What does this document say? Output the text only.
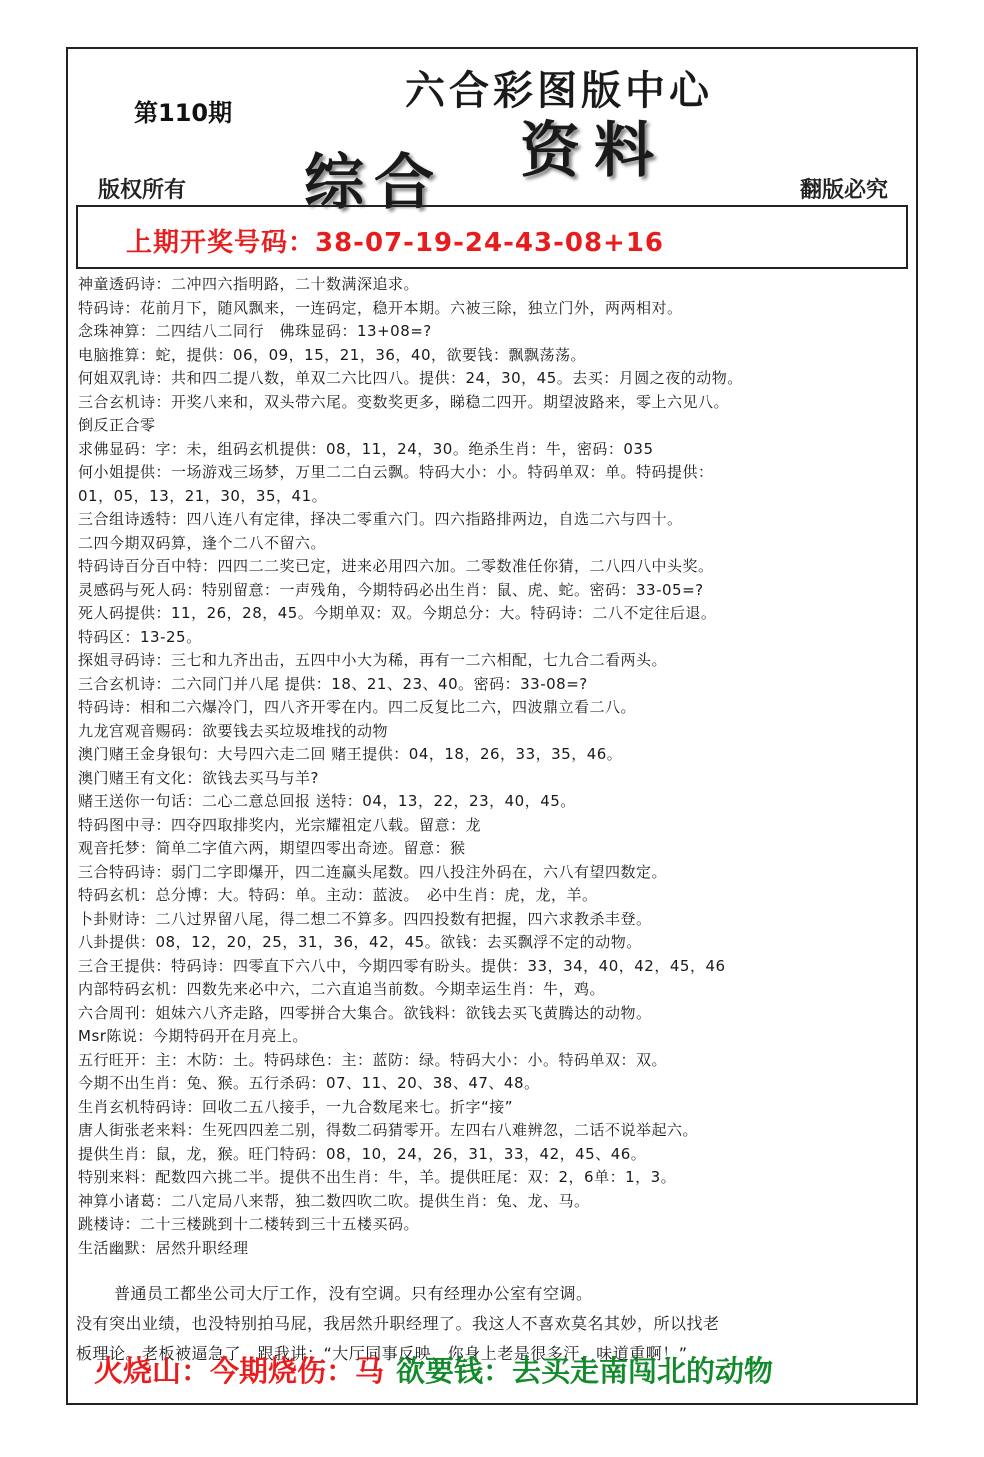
六合彩图版中心
第110期
资料
综合
版权所有	翻版必究
上期开奖号码：38-07-19-24-43-08+16
神童透码诗：二冲四六指明路，二十数满深追求。
特码诗：花前月下，随风飘来，一连码定，稳开本期。六被三除，独立门外，两两相对。
念珠神算：二四结八二同行　佛珠显码：13+08=?
电脑推算：蛇，提供：06，09，15，21，36，40，欲要钱：飘飘荡荡。
何姐双乳诗：共和四二提八数，单双二六比四八。提供：24，30，45。去买：月圆之夜的动物。
三合玄机诗：开奖八来和，双头带六尾。变数奖更多，睇稳二四开。期望波路来，零上六见八。
倒反正合零
求佛显码：字：未，组码玄机提供：08，11，24，30。绝杀生肖：牛，密码：035
何小姐提供：一场游戏三场梦，万里二二白云飘。特码大小：小。特码单双：单。特码提供：
01，05，13，21，30，35，41。
三合组诗透特：四八连八有定律，择决二零重六门。四六指路排两边，自选二六与四十。
二四今期双码算，逢个二八不留六。
特码诗百分百中特：四四二二奖已定，进来必用四六加。二零数准任你猜，二八四八中头奖。
灵感码与死人码：特别留意：一声残角，今期特码必出生肖：鼠、虎、蛇。密码：33-05=?
死人码提供：11，26，28，45。今期单双：双。今期总分：大。特码诗：二八不定往后退。
特码区：13-25。
探姐寻码诗：三七和九齐出击，五四中小大为稀，再有一二六相配，七九合二看两头。
三合玄机诗：二六同门并八尾 提供：18、21、23、40。密码：33-08=?
特码诗：相和二六爆冷门，四八齐开零在内。四二反复比二六，四波鼎立看二八。
九龙宫观音赐码：欲要钱去买垃圾堆找的动物
澳门赌王金身银句：大号四六走二回 赌王提供：04，18，26，33，35，46。
澳门赌王有文化：欲钱去买马与羊?
赌王送你一句话：二心二意总回报 送特：04，13，22，23，40，45。
特码图中寻：四夺四取排奖内，光宗耀祖定八载。留意：龙
观音托梦：简单二字值六两，期望四零出奇迹。留意：猴
三合特码诗：弱门二字即爆开，四二连赢头尾数。四八投注外码在，六八有望四数定。
特码玄机：总分博：大。特码：单。主动：蓝波。　必中生肖：虎，龙，羊。
卜卦财诗：二八过界留八尾，得二想二不算多。四四投数有把握，四六求教杀丰登。
八卦提供：08，12，20，25，31，36，42，45。欲钱：去买飘浮不定的动物。
三合王提供：特码诗：四零直下六八中，今期四零有盼头。提供：33，34，40，42，45，46
内部特码玄机：四数先来必中六，二六直追当前数。今期幸运生肖：牛，鸡。
六合周刊：姐妹六八齐走路，四零拼合大集合。欲钱料：欲钱去买飞黄腾达的动物。
Msr陈说：今期特码开在月亮上。
五行旺开：主：木防：土。特码球色：主：蓝防：绿。特码大小：小。特码单双：双。
今期不出生肖：兔、猴。五行杀码：07、11、20、38、47、48。
生肖玄机特码诗：回收二五八接手，一九合数尾来七。折字“接”
唐人街张老来料：生死四四差二别，得数二码猜零开。左四右八难辨忽，二话不说举起六。
提供生肖：鼠，龙，猴。旺门特码：08，10，24，26，31，33，42，45、46。
特别来料：配数四六挑二半。提供不出生肖：牛，羊。提供旺尾：双：2，6单：1，3。
神算小诸葛：二八定局八来帮，独二数四吹二吹。提供生肖：兔、龙、马。
跳楼诗：二十三楼跳到十二楼转到三十五楼买码。
生活幽默：居然升职经理
普通员工都坐公司大厅工作，没有空调。只有经理办公室有空调。
没有突出业绩，也没特别拍马屁，我居然升职经理了。我这人不喜欢莫名其妙，所以找老
板理论。老板被逼急了，跟我讲：“大厅同事反映，你身上老是很多汗，味道重啊！”
火烧山：今期烧伤：马 欲要钱：去买走南闯北的动物
